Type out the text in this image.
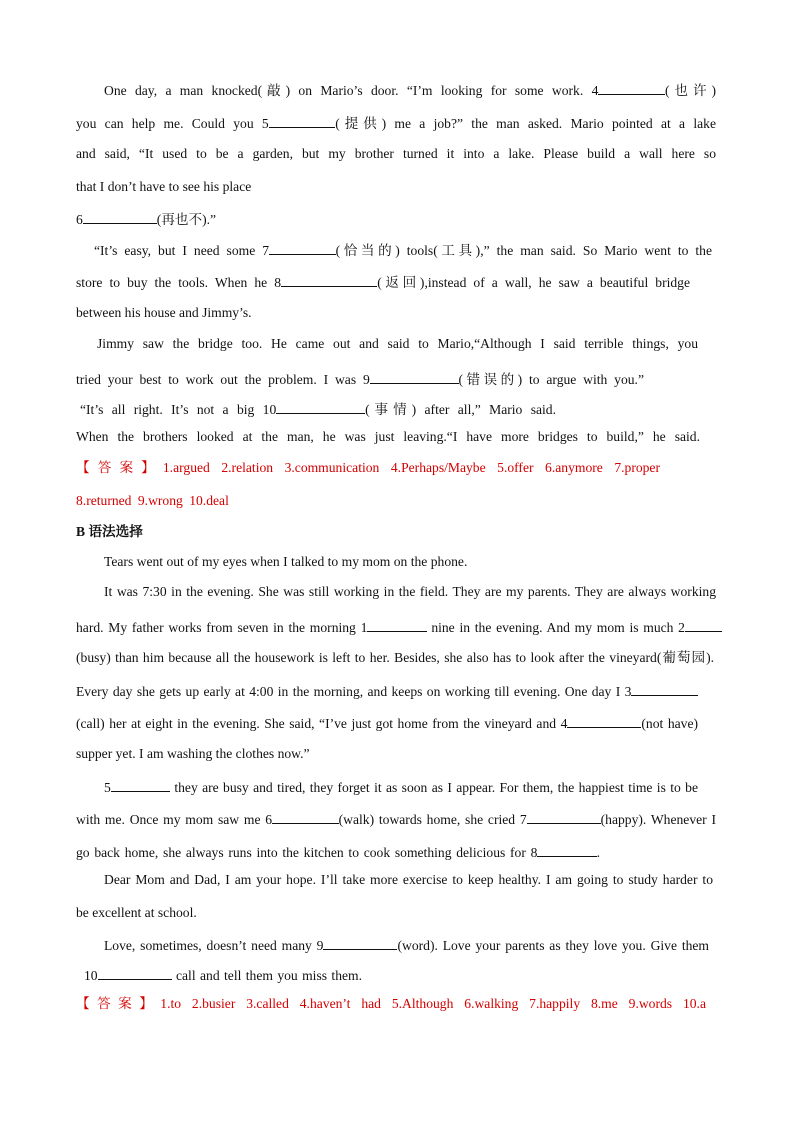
One day, a man knocked(敲) on Mario’s door. “I’m looking for some work. 4	(也许)
you can help me. Could you 5	(提供) me a job?” the man asked. Mario pointed at a lake
and said, “It used to be a garden, but my brother turned it into a lake. Please build a wall here so
that I don’t have to see his place
6	(再也不).”
“It’s easy, but I need some 7	(恰当的) tools(工具),” the man said. So Mario went to the
store to buy the tools. When he 8	(返回),instead of a wall, he saw a beautiful bridge
between his house and Jimmy’s.
Jimmy saw the bridge too. He came out and said to Mario,“Although I said terrible things, you
tried your best to work out the problem. I was 9	(错误的) to argue with you.”
“It’s all right. It’s not a big 10	(事情) after all,” Mario said.
When the brothers looked at the man, he was just leaving.“I have more bridges to build,” he said.
【答案】1.argued 2.relation 3.communication 4.Perhaps/Maybe 5.offer 6.anymore 7.proper
8.returned 9.wrong 10.deal
B 语法选择
Tears went out of my eyes when I talked to my mom on the phone.
It was 7:30 in the evening. She was still working in the field. They are my parents. They are always working
hard. My father works from seven in the morning 1	nine in the evening. And my mom is much 2
(busy) than him because all the housework is left to her. Besides, she also has to look after the vineyard(葡萄园).
Every day she gets up early at 4:00 in the morning, and keeps on working till evening. One day I 3
(call) her at eight in the evening. She said, “I’ve just got home from the vineyard and 4	(not have)
supper yet. I am washing the clothes now.”
5	they are busy and tired, they forget it as soon as I appear. For them, the happiest time is to be
with me. Once my mom saw me 6	(walk) towards home, she cried 7	(happy). Whenever I
go back home, she always runs into the kitchen to cook something delicious for 8	.
Dear Mom and Dad, I am your hope. I’ll take more exercise to keep healthy. I am going to study harder to
be excellent at school.
Love, sometimes, doesn’t need many 9	(word). Love your parents as they love you. Give them
10	call and tell them you miss them.
【答案】1.to 2.busier 3.called 4.haven’t had 5.Although 6.walking 7.happily 8.me 9.words 10.a
